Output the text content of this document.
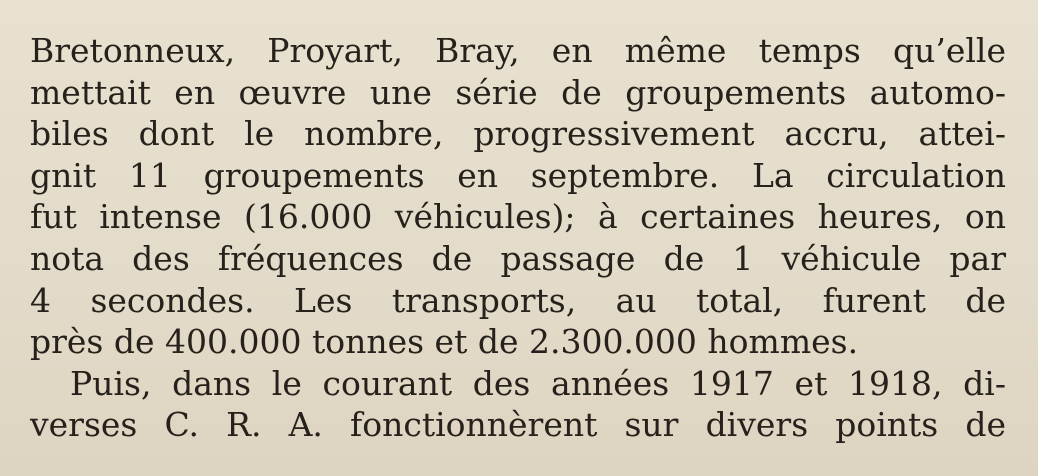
Bretonneux, Proyart, Bray, en même temps qu’elle
mettait en œuvre une série de groupements automo-
biles dont le nombre, progressivement accru, attei-
gnit 11 groupements en septembre. La circulation
fut intense (16.000 véhicules); à certaines heures, on
nota des fréquences de passage de 1 véhicule par
4 secondes. Les transports, au total, furent de
près de 400.000 tonnes et de 2.300.000 hommes.
Puis, dans le courant des années 1917 et 1918, di-
verses C. R. A. fonctionnèrent sur divers points de
